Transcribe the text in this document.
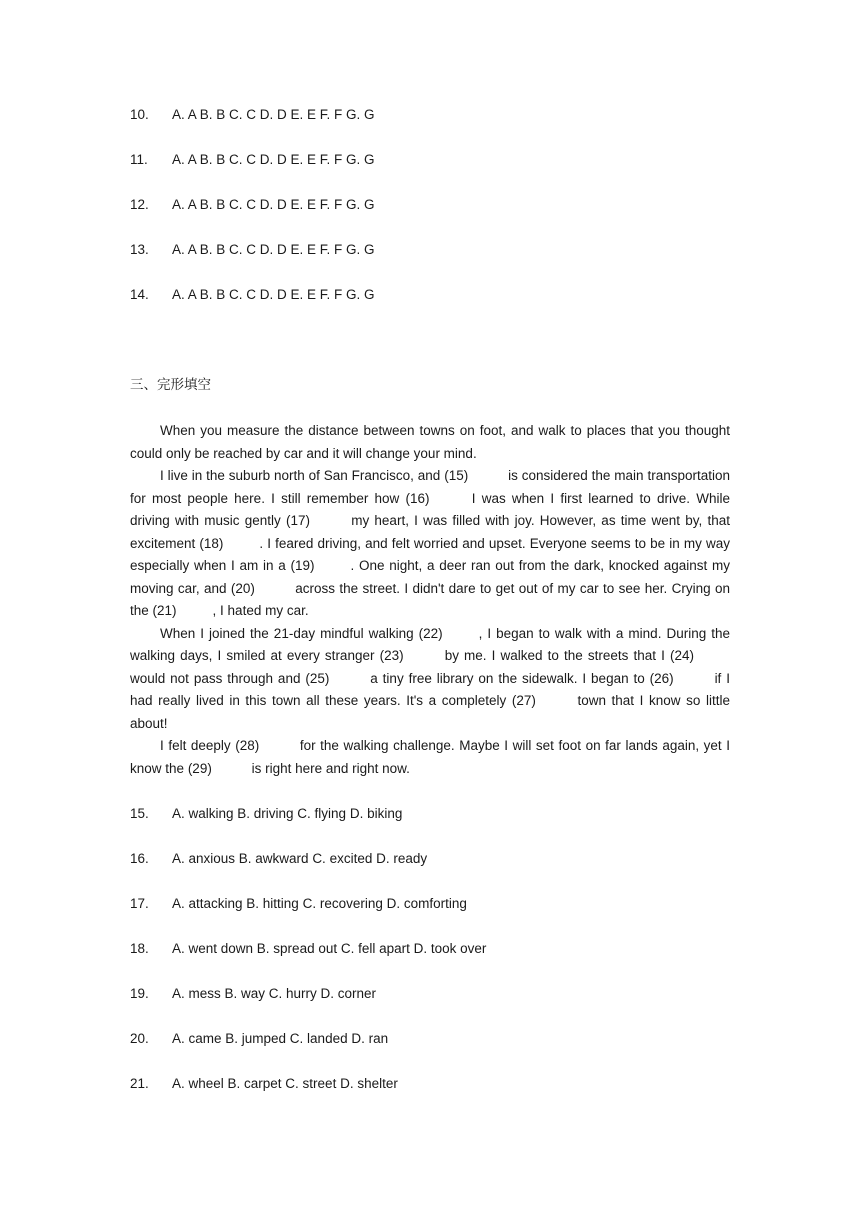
10. A. A B. B C. C D. D E. E F. F G. G
11. A. A B. B C. C D. D E. E F. F G. G
12. A. A B. B C. C D. D E. E F. F G. G
13. A. A B. B C. C D. D E. E F. F G. G
14. A. A B. B C. C D. D E. E F. F G. G
三、完形填空

When you measure the distance between towns on foot, and walk to places that you thought could only be reached by car and it will change your mind.

I live in the suburb north of San Francisco, and (15)	is considered the main transportation for most people here. I still remember how (16)	I was when I first learned to drive. While driving with music gently (17)	my heart, I was filled with joy. However, as time went by, that excitement (18)	. I feared driving, and felt worried and upset. Everyone seems to be in my way especially when I am in a (19)	. One night, a deer ran out from the dark, knocked against my moving car, and (20)	across the street. I didn't dare to get out of my car to see her. Crying on the (21)	, I hated my car.

When I joined the 21-day mindful walking (22)	, I began to walk with a mind. During the walking days, I smiled at every stranger (23)	by me. I walked to the streets that I (24) would not pass through and (25)	a tiny free library on the sidewalk. I began to (26)	if I had really lived in this town all these years. It's a completely (27)	town that I know so little about!

I felt deeply (28)	for the walking challenge. Maybe I will set foot on far lands again, yet I know the (29)	is right here and right now.

15. A. walking B. driving C. flying D. biking
16. A. anxious B. awkward C. excited D. ready
17. A. attacking B. hitting C. recovering D. comforting
18. A. went down B. spread out C. fell apart D. took over
19. A. mess B. way C. hurry D. corner
20. A. came B. jumped C. landed D. ran
21. A. wheel B. carpet C. street D. shelter
